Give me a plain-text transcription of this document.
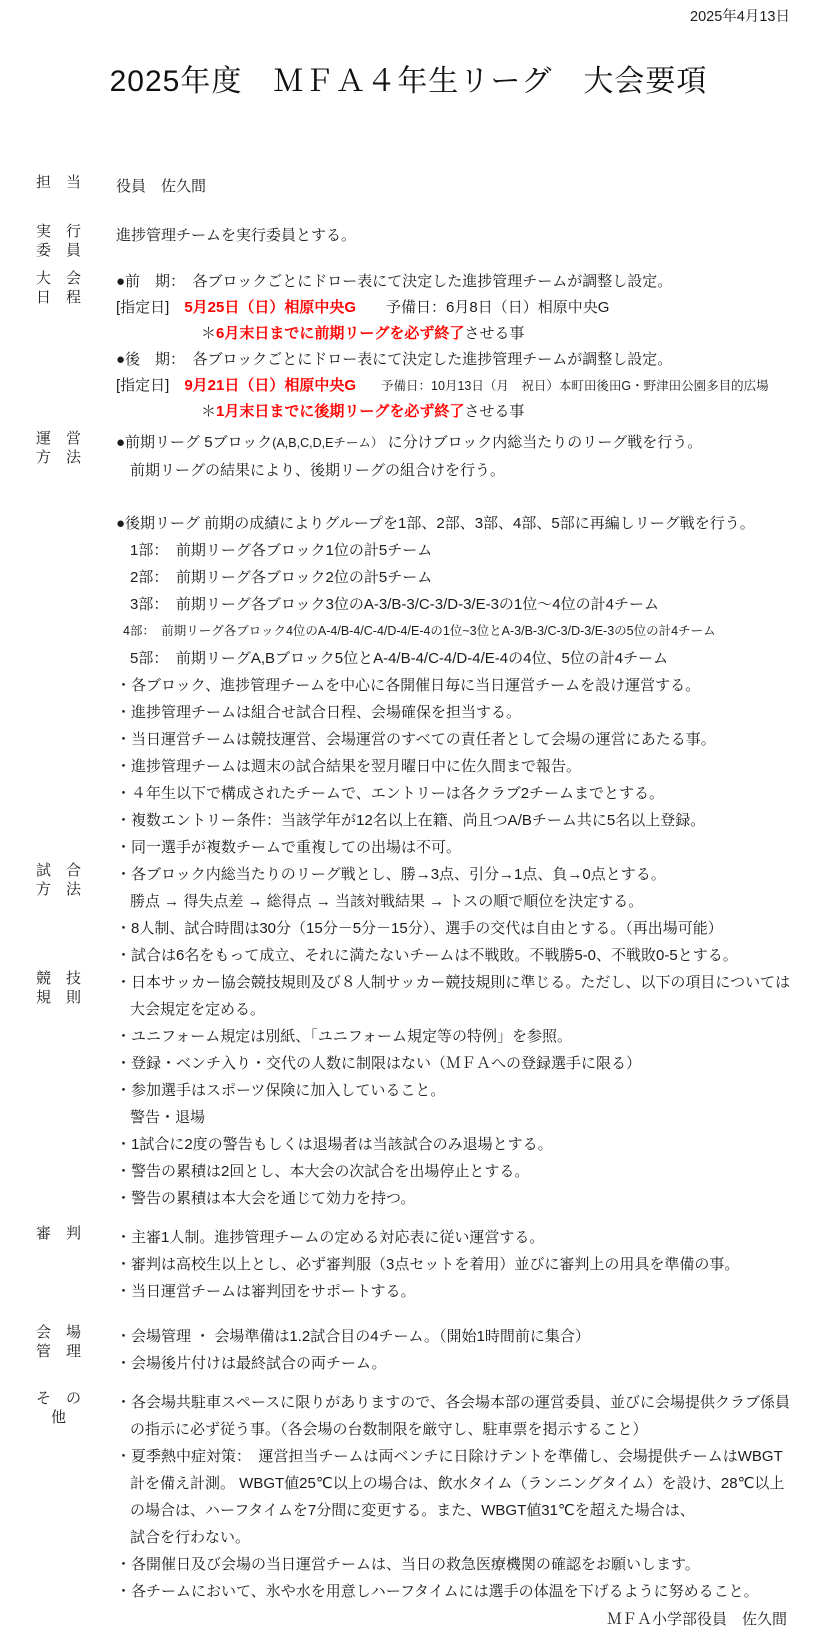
2025年4月13日
2025年度　ＭＦＡ４年生リーグ　大会要項
担　当	役員　佐久間
実　行
委　員
進捗管理チームを実行委員とする。
大　会
日　程
●前　期：　各ブロックごとにドロー表にて決定した進捗管理チームが調整し設定。
[指定日]　5月25日（日）相原中央G　　予備日：6月8日（日）相原中央G
＊6月末日までに前期リーグを必ず終了させる事
●後　期：　各ブロックごとにドロー表にて決定した進捗管理チームが調整し設定。
[指定日]　9月21日（日）相原中央G　　予備日：10月13日（月　祝日）本町田後田G・野津田公園多目的広場
＊1月末日までに後期リーグを必ず終了させる事
運　営
方　法
●前期リーグ 5ブロック(A,B,C,D,Eチーム） に分けブロック内総当たりのリーグ戦を行う。
前期リーグの結果により、後期リーグの組合けを行う。
●後期リーグ 前期の成績によりグループを1部、2部、3部、4部、5部に再編しリーグ戦を行う。
1部：　前期リーグ各ブロック1位の計5チーム
2部：　前期リーグ各ブロック2位の計5チーム
3部：　前期リーグ各ブロック3位のA-3/B-3/C-3/D-3/E-3の1位～4位の計4チーム
4部：　前期リーグ各ブロック4位のA-4/B-4/C-4/D-4/E-4の1位~3位とA-3/B-3/C-3/D-3/E-3の5位の計4チーム
5部：　前期リーグA,Bブロック5位とA-4/B-4/C-4/D-4/E-4の4位、5位の計4チーム
・各ブロック、進捗管理チームを中心に各開催日毎に当日運営チームを設け運営する。
・進捗管理チームは組合せ試合日程、会場確保を担当する。
・当日運営チームは競技運営、会場運営のすべての責任者として会場の運営にあたる事。
・進捗管理チームは週末の試合結果を翌月曜日中に佐久間まで報告。
・４年生以下で構成されたチームで、エントリーは各クラブ2チームまでとする。
・複数エントリー条件：当該学年が12名以上在籍、尚且つA/Bチーム共に5名以上登録。
・同一選手が複数チームで重複しての出場は不可。
試　合
方　法
・各ブロック内総当たりのリーグ戦とし、勝→3点、引分→1点、負→0点とする。
勝点 → 得失点差 → 総得点 → 当該対戦結果 → トスの順で順位を決定する。
・8人制、試合時間は30分（15分－5分－15分）、選手の交代は自由とする。（再出場可能）
・試合は6名をもって成立、それに満たないチームは不戦敗。不戦勝5-0、不戦敗0-5とする。
競　技
規　則
・日本サッカー協会競技規則及び８人制サッカー競技規則に準じる。ただし、以下の項目については
大会規定を定める。
・ユニフォーム規定は別紙、「ユニフォーム規定等の特例」を参照。
・登録・ベンチ入り・交代の人数に制限はない（ＭＦＡへの登録選手に限る）
・参加選手はスポーツ保険に加入していること。
警告・退場
・1試合に2度の警告もしくは退場者は当該試合のみ退場とする。
・警告の累積は2回とし、本大会の次試合を出場停止とする。
・警告の累積は本大会を通じて効力を持つ。
審　判	・主審1人制。進捗管理チームの定める対応表に従い運営する。
・審判は高校生以上とし、必ず審判服（3点セットを着用）並びに審判上の用具を準備の事。
・当日運営チームは審判団をサポートする。
会　場
管　理
・会場管理 ・ 会場準備は1.2試合目の4チーム。（開始1時間前に集合）
・会場後片付けは最終試合の両チーム。
そ　の
他
・各会場共駐車スペースに限りがありますので、各会場本部の運営委員、並びに会場提供クラブ係員
の指示に必ず従う事。（各会場の台数制限を厳守し、駐車票を掲示すること）
・夏季熱中症対策：　運営担当チームは両ベンチに日除けテントを準備し、会場提供チームはWBGT
計を備え計測。 WBGT値25℃以上の場合は、飲水タイム（ランニングタイム）を設け、28℃以上
の場合は、ハーフタイムを7分間に変更する。また、WBGT値31℃を超えた場合は、
試合を行わない。
・各開催日及び会場の当日運営チームは、当日の救急医療機関の確認をお願いします。
・各チームにおいて、氷や水を用意しハーフタイムには選手の体温を下げるように努めること。
ＭＦＡ小学部役員　佐久間
